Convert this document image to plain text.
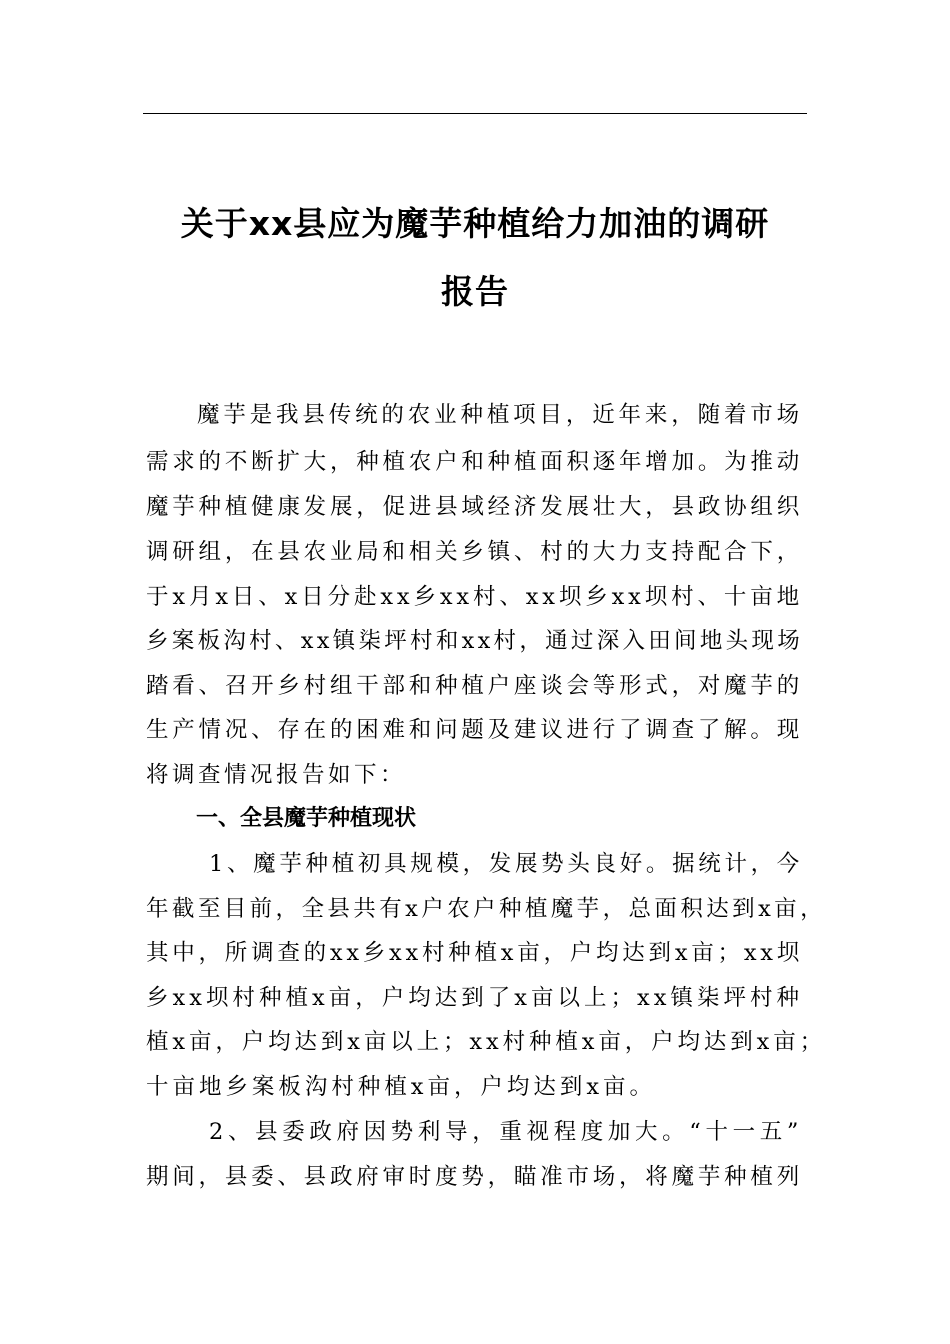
关于xx县应为魔芋种植给力加油的调研
报告
魔芋是我县传统的农业种植项目，近年来，随着市场
需求的不断扩大，种植农户和种植面积逐年增加。为推动
魔芋种植健康发展，促进县域经济发展壮大，县政协组织
调研组，在县农业局和相关乡镇、村的大力支持配合下，
于x月x日、x日分赴xx乡xx村、xx坝乡xx坝村、十亩地
乡案板沟村、xx镇柒坪村和xx村，通过深入田间地头现场
踏看、召开乡村组干部和种植户座谈会等形式，对魔芋的
生产情况、存在的困难和问题及建议进行了调查了解。现
将调查情况报告如下：
一、全县魔芋种植现状
1、魔芋种植初具规模，发展势头良好。据统计，今
年截至目前，全县共有x户农户种植魔芋，总面积达到x亩，
其中，所调查的xx乡xx村种植x亩，户均达到x亩；xx坝
乡xx坝村种植x亩，户均达到了x亩以上；xx镇柒坪村种
植x亩，户均达到x亩以上；xx村种植x亩，户均达到x亩；
十亩地乡案板沟村种植x亩，户均达到x亩。
2、县委政府因势利导，重视程度加大。“十一五”
期间，县委、县政府审时度势，瞄准市场，将魔芋种植列
